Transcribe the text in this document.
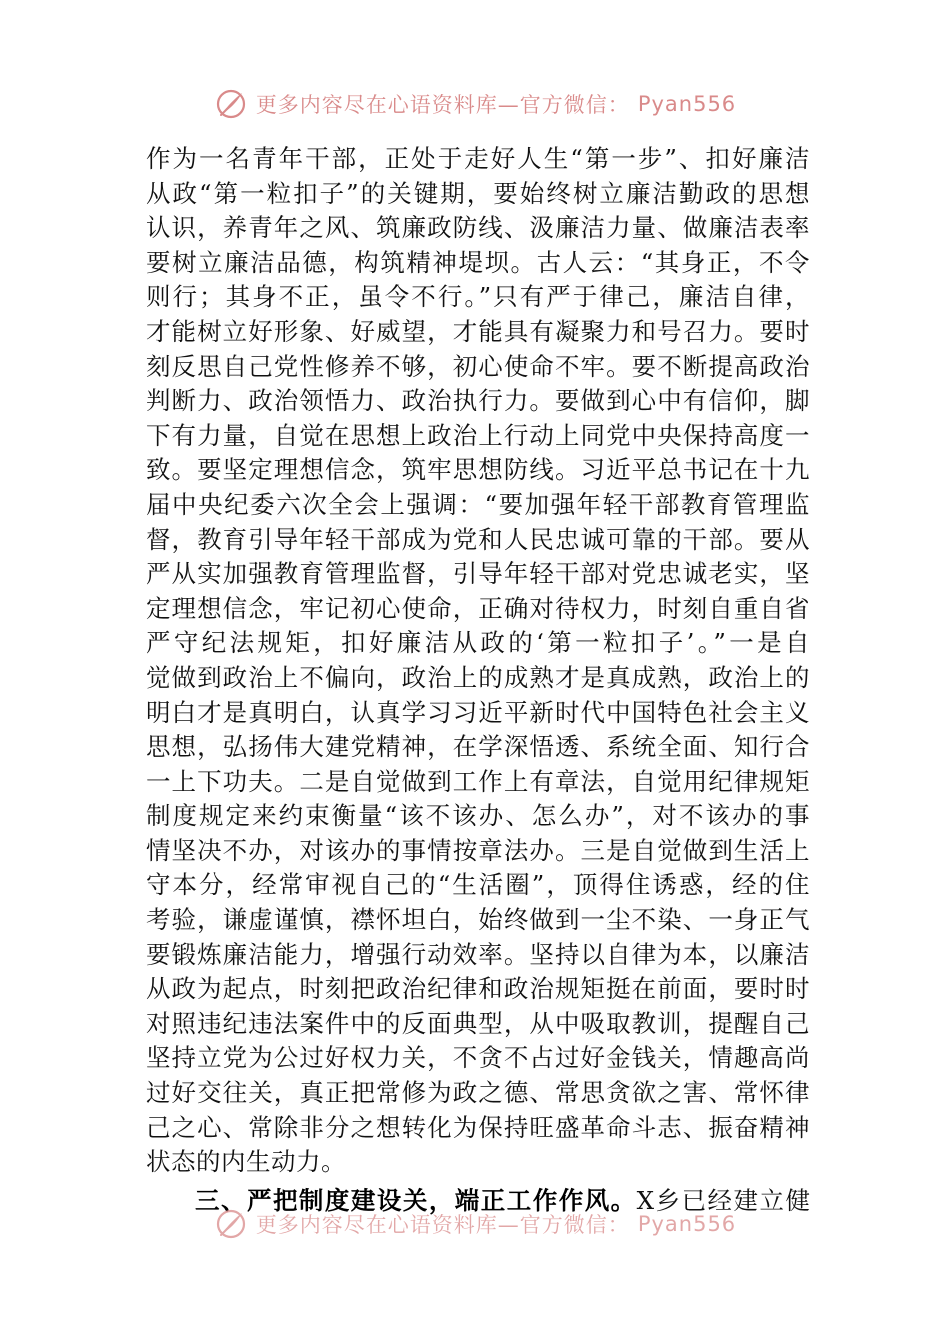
更多内容尽在心语资料库—官方微信： Pyan556
作为一名青年干部，正处于走好人生“第一步”、扣好廉洁
从政“第一粒扣子”的关键期，要始终树立廉洁勤政的思想
认识，养青年之风、筑廉政防线、汲廉洁力量、做廉洁表率
要树立廉洁品德，构筑精神堤坝。古人云：“其身正，不令
则行；其身不正，虽令不行。”只有严于律己，廉洁自律，
才能树立好形象、好威望，才能具有凝聚力和号召力。要时
刻反思自己党性修养不够，初心使命不牢。要不断提高政治
判断力、政治领悟力、政治执行力。要做到心中有信仰，脚
下有力量，自觉在思想上政治上行动上同党中央保持高度一
致。要坚定理想信念，筑牢思想防线。习近平总书记在十九
届中央纪委六次全会上强调：“要加强年轻干部教育管理监
督，教育引导年轻干部成为党和人民忠诚可靠的干部。要从
严从实加强教育管理监督，引导年轻干部对党忠诚老实，坚
定理想信念，牢记初心使命，正确对待权力，时刻自重自省
严守纪法规矩，扣好廉洁从政的‘第一粒扣子’。”一是自
觉做到政治上不偏向，政治上的成熟才是真成熟，政治上的
明白才是真明白，认真学习习近平新时代中国特色社会主义
思想，弘扬伟大建党精神，在学深悟透、系统全面、知行合
一上下功夫。二是自觉做到工作上有章法，自觉用纪律规矩
制度规定来约束衡量“该不该办、怎么办”，对不该办的事
情坚决不办，对该办的事情按章法办。三是自觉做到生活上
守本分，经常审视自己的“生活圈”，顶得住诱惑，经的住
考验，谦虚谨慎，襟怀坦白，始终做到一尘不染、一身正气
要锻炼廉洁能力，增强行动效率。坚持以自律为本，以廉洁
从政为起点，时刻把政治纪律和政治规矩挺在前面，要时时
对照违纪违法案件中的反面典型，从中吸取教训，提醒自己
坚持立党为公过好权力关，不贪不占过好金钱关，情趣高尚
过好交往关，真正把常修为政之德、常思贪欲之害、常怀律
己之心、常除非分之想转化为保持旺盛革命斗志、振奋精神
状态的内生动力。
三、严把制度建设关，端正工作作风。X乡已经建立健
更多内容尽在心语资料库—官方微信： Pyan556
